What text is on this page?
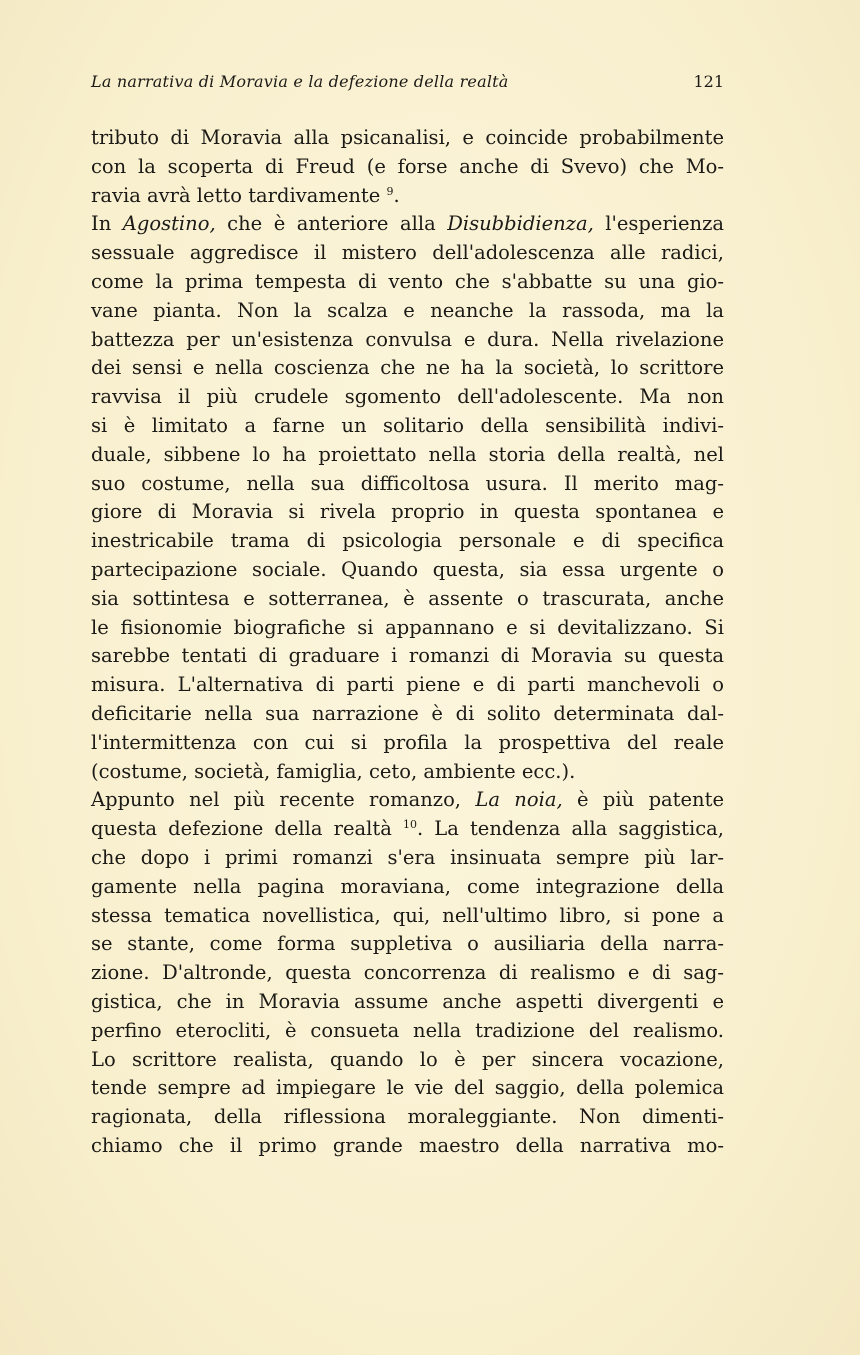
La narrativa di Moravia e la defezione della realtà	121
tributo di Moravia alla psicanalisi, e coincide probabilmente
con la scoperta di Freud (e forse anche di Svevo) che Mo-
ravia avrà letto tardivamente $^9$.
In Agostino, che è anteriore alla Disubbidienza, l'esperienza
sessuale aggredisce il mistero dell'adolescenza alle radici,
come la prima tempesta di vento che s'abbatte su una gio-
vane pianta. Non la scalza e neanche la rassoda, ma la
battezza per un'esistenza convulsa e dura. Nella rivelazione
dei sensi e nella coscienza che ne ha la società, lo scrittore
ravvisa il più crudele sgomento dell'adolescente. Ma non
si è limitato a farne un solitario della sensibilità indivi-
duale, sibbene lo ha proiettato nella storia della realtà, nel
suo costume, nella sua difficoltosa usura. Il merito mag-
giore di Moravia si rivela proprio in questa spontanea e
inestricabile trama di psicologia personale e di specifica
partecipazione sociale. Quando questa, sia essa urgente o
sia sottintesa e sotterranea, è assente o trascurata, anche
le fisionomie biografiche si appannano e si devitalizzano. Si
sarebbe tentati di graduare i romanzi di Moravia su questa
misura. L'alternativa di parti piene e di parti manchevoli o
deficitarie nella sua narrazione è di solito determinata dal-
l'intermittenza con cui si profila la prospettiva del reale
(costume, società, famiglia, ceto, ambiente ecc.).
Appunto nel più recente romanzo, La noia, è più patente
questa defezione della realtà $^{10}$. La tendenza alla saggistica,
che dopo i primi romanzi s'era insinuata sempre più lar-
gamente nella pagina moraviana, come integrazione della
stessa tematica novellistica, qui, nell'ultimo libro, si pone a
se stante, come forma suppletiva o ausiliaria della narra-
zione. D'altronde, questa concorrenza di realismo e di sag-
gistica, che in Moravia assume anche aspetti divergenti e
perfino eterocliti, è consueta nella tradizione del realismo.
Lo scrittore realista, quando lo è per sincera vocazione,
tende sempre ad impiegare le vie del saggio, della polemica
ragionata, della riflessiona moraleggiante. Non dimenti-
chiamo che il primo grande maestro della narrativa mo-
